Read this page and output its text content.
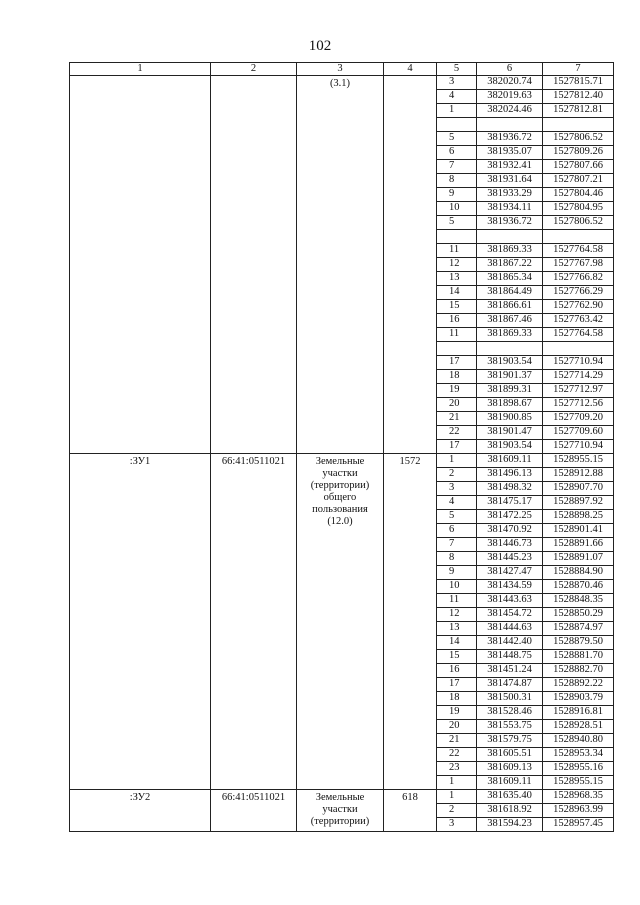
102
1	2	3	4	5	6	7
		(3.1)		3	382020.74	1527815.71
				4	382019.63	1527812.40
				1	382024.46	1527812.81

				5	381936.72	1527806.52
				6	381935.07	1527809.26
				7	381932.41	1527807.66
				8	381931.64	1527807.21
				9	381933.29	1527804.46
				10	381934.11	1527804.95
				5	381936.72	1527806.52

				11	381869.33	1527764.58
				12	381867.22	1527767.98
				13	381865.34	1527766.82
				14	381864.49	1527766.29
				15	381866.61	1527762.90
				16	381867.46	1527763.42
				11	381869.33	1527764.58

				17	381903.54	1527710.94
				18	381901.37	1527714.29
				19	381899.31	1527712.97
				20	381898.67	1527712.56
				21	381900.85	1527709.20
				22	381901.47	1527709.60
				17	381903.54	1527710.94
:ЗУ1	66:41:0511021	Земельные участки (территории) общего пользования (12.0)	1572	1	381609.11	1528955.15
				2	381496.13	1528912.88
				3	381498.32	1528907.70
				4	381475.17	1528897.92
				5	381472.25	1528898.25
				6	381470.92	1528901.41
				7	381446.73	1528891.66
				8	381445.23	1528891.07
				9	381427.47	1528884.90
				10	381434.59	1528870.46
				11	381443.63	1528848.35
				12	381454.72	1528850.29
				13	381444.63	1528874.97
				14	381442.40	1528879.50
				15	381448.75	1528881.70
				16	381451.24	1528882.70
				17	381474.87	1528892.22
				18	381500.31	1528903.79
				19	381528.46	1528916.81
				20	381553.75	1528928.51
				21	381579.75	1528940.80
				22	381605.51	1528953.34
				23	381609.13	1528955.16
				1	381609.11	1528955.15
:ЗУ2	66:41:0511021	Земельные участки (территории)	618	1	381635.40	1528968.35
				2	381618.92	1528963.99
				3	381594.23	1528957.45
